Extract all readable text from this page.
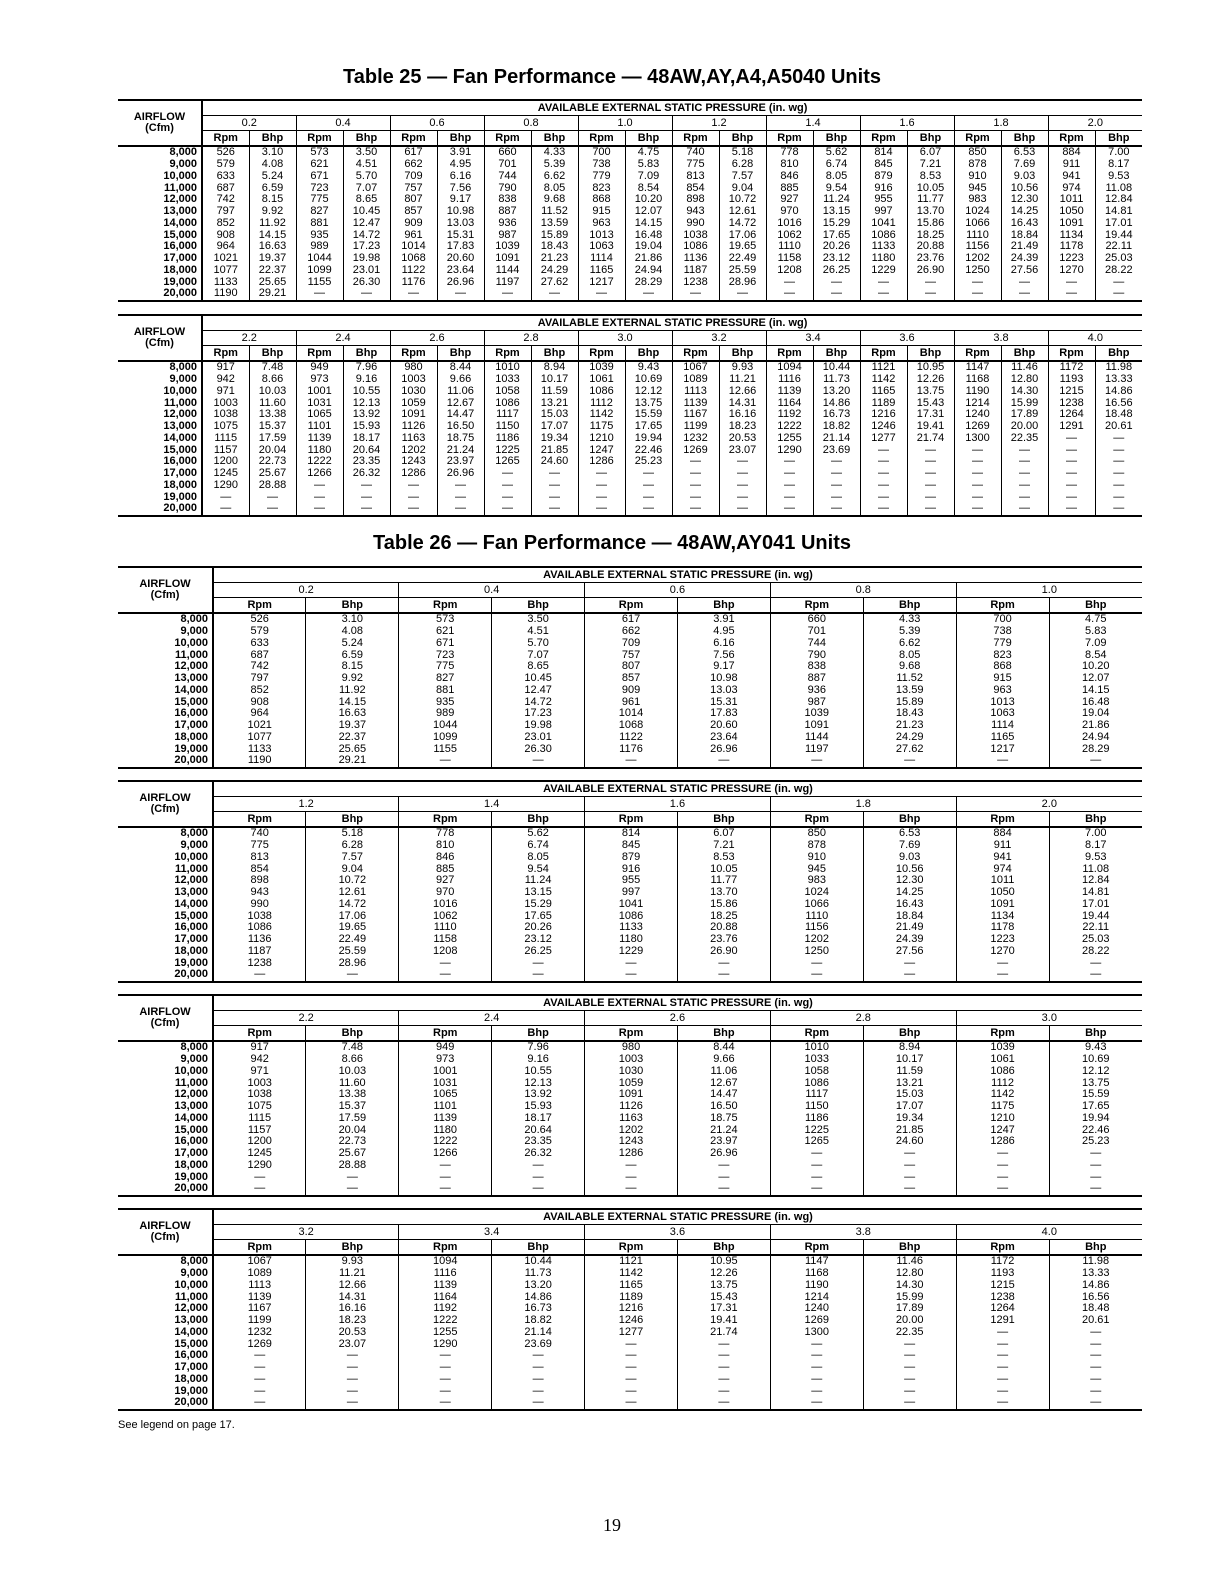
Table 25 — Fan Performance — 48AW,AY,A4,A5040 Units
AIRFLOW
(Cfm)	AVAILABLE EXTERNAL STATIC PRESSURE (in. wg)																			
	0.2		0.4		0.6		0.8		1.0		1.2		1.4		1.6		1.8		2.0	
	Rpm	Bhp	Rpm	Bhp	Rpm	Bhp	Rpm	Bhp	Rpm	Bhp	Rpm	Bhp	Rpm	Bhp	Rpm	Bhp	Rpm	Bhp	Rpm	Bhp
8,000	526	3.10	573	3.50	617	3.91	660	4.33	700	4.75	740	5.18	778	5.62	814	6.07	850	6.53	884	7.00
9,000	579	4.08	621	4.51	662	4.95	701	5.39	738	5.83	775	6.28	810	6.74	845	7.21	878	7.69	911	8.17
10,000	633	5.24	671	5.70	709	6.16	744	6.62	779	7.09	813	7.57	846	8.05	879	8.53	910	9.03	941	9.53
11,000	687	6.59	723	7.07	757	7.56	790	8.05	823	8.54	854	9.04	885	9.54	916	10.05	945	10.56	974	11.08
12,000	742	8.15	775	8.65	807	9.17	838	9.68	868	10.20	898	10.72	927	11.24	955	11.77	983	12.30	1011	12.84
13,000	797	9.92	827	10.45	857	10.98	887	11.52	915	12.07	943	12.61	970	13.15	997	13.70	1024	14.25	1050	14.81
14,000	852	11.92	881	12.47	909	13.03	936	13.59	963	14.15	990	14.72	1016	15.29	1041	15.86	1066	16.43	1091	17.01
15,000	908	14.15	935	14.72	961	15.31	987	15.89	1013	16.48	1038	17.06	1062	17.65	1086	18.25	1110	18.84	1134	19.44
16,000	964	16.63	989	17.23	1014	17.83	1039	18.43	1063	19.04	1086	19.65	1110	20.26	1133	20.88	1156	21.49	1178	22.11
17,000	1021	19.37	1044	19.98	1068	20.60	1091	21.23	1114	21.86	1136	22.49	1158	23.12	1180	23.76	1202	24.39	1223	25.03
18,000	1077	22.37	1099	23.01	1122	23.64	1144	24.29	1165	24.94	1187	25.59	1208	26.25	1229	26.90	1250	27.56	1270	28.22
19,000	1133	25.65	1155	26.30	1176	26.96	1197	27.62	1217	28.29	1238	28.96	—	—	—	—	—	—	—	—
20,000	1190	29.21	—	—	—	—	—	—	—	—	—	—	—	—	—	—	—	—	—	—
AIRFLOW
(Cfm)	AVAILABLE EXTERNAL STATIC PRESSURE (in. wg)																			
	2.2		2.4		2.6		2.8		3.0		3.2		3.4		3.6		3.8		4.0	
	Rpm	Bhp	Rpm	Bhp	Rpm	Bhp	Rpm	Bhp	Rpm	Bhp	Rpm	Bhp	Rpm	Bhp	Rpm	Bhp	Rpm	Bhp	Rpm	Bhp
8,000	917	7.48	949	7.96	980	8.44	1010	8.94	1039	9.43	1067	9.93	1094	10.44	1121	10.95	1147	11.46	1172	11.98
9,000	942	8.66	973	9.16	1003	9.66	1033	10.17	1061	10.69	1089	11.21	1116	11.73	1142	12.26	1168	12.80	1193	13.33
10,000	971	10.03	1001	10.55	1030	11.06	1058	11.59	1086	12.12	1113	12.66	1139	13.20	1165	13.75	1190	14.30	1215	14.86
11,000	1003	11.60	1031	12.13	1059	12.67	1086	13.21	1112	13.75	1139	14.31	1164	14.86	1189	15.43	1214	15.99	1238	16.56
12,000	1038	13.38	1065	13.92	1091	14.47	1117	15.03	1142	15.59	1167	16.16	1192	16.73	1216	17.31	1240	17.89	1264	18.48
13,000	1075	15.37	1101	15.93	1126	16.50	1150	17.07	1175	17.65	1199	18.23	1222	18.82	1246	19.41	1269	20.00	1291	20.61
14,000	1115	17.59	1139	18.17	1163	18.75	1186	19.34	1210	19.94	1232	20.53	1255	21.14	1277	21.74	1300	22.35	—	—
15,000	1157	20.04	1180	20.64	1202	21.24	1225	21.85	1247	22.46	1269	23.07	1290	23.69	—	—	—	—	—	—
16,000	1200	22.73	1222	23.35	1243	23.97	1265	24.60	1286	25.23	—	—	—	—	—	—	—	—	—	—
17,000	1245	25.67	1266	26.32	1286	26.96	—	—	—	—	—	—	—	—	—	—	—	—	—	—
18,000	1290	28.88	—	—	—	—	—	—	—	—	—	—	—	—	—	—	—	—	—	—
19,000	—	—	—	—	—	—	—	—	—	—	—	—	—	—	—	—	—	—	—	—
20,000	—	—	—	—	—	—	—	—	—	—	—	—	—	—	—	—	—	—	—	—
Table 26 — Fan Performance — 48AW,AY041 Units
AIRFLOW
(Cfm)	AVAILABLE EXTERNAL STATIC PRESSURE (in. wg)									
	0.2		0.4		0.6		0.8		1.0	
	Rpm	Bhp	Rpm	Bhp	Rpm	Bhp	Rpm	Bhp	Rpm	Bhp
8,000	526	3.10	573	3.50	617	3.91	660	4.33	700	4.75
9,000	579	4.08	621	4.51	662	4.95	701	5.39	738	5.83
10,000	633	5.24	671	5.70	709	6.16	744	6.62	779	7.09
11,000	687	6.59	723	7.07	757	7.56	790	8.05	823	8.54
12,000	742	8.15	775	8.65	807	9.17	838	9.68	868	10.20
13,000	797	9.92	827	10.45	857	10.98	887	11.52	915	12.07
14,000	852	11.92	881	12.47	909	13.03	936	13.59	963	14.15
15,000	908	14.15	935	14.72	961	15.31	987	15.89	1013	16.48
16,000	964	16.63	989	17.23	1014	17.83	1039	18.43	1063	19.04
17,000	1021	19.37	1044	19.98	1068	20.60	1091	21.23	1114	21.86
18,000	1077	22.37	1099	23.01	1122	23.64	1144	24.29	1165	24.94
19,000	1133	25.65	1155	26.30	1176	26.96	1197	27.62	1217	28.29
20,000	1190	29.21	—	—	—	—	—	—	—	—
AIRFLOW
(Cfm)	AVAILABLE EXTERNAL STATIC PRESSURE (in. wg)									
	1.2		1.4		1.6		1.8		2.0	
	Rpm	Bhp	Rpm	Bhp	Rpm	Bhp	Rpm	Bhp	Rpm	Bhp
8,000	740	5.18	778	5.62	814	6.07	850	6.53	884	7.00
9,000	775	6.28	810	6.74	845	7.21	878	7.69	911	8.17
10,000	813	7.57	846	8.05	879	8.53	910	9.03	941	9.53
11,000	854	9.04	885	9.54	916	10.05	945	10.56	974	11.08
12,000	898	10.72	927	11.24	955	11.77	983	12.30	1011	12.84
13,000	943	12.61	970	13.15	997	13.70	1024	14.25	1050	14.81
14,000	990	14.72	1016	15.29	1041	15.86	1066	16.43	1091	17.01
15,000	1038	17.06	1062	17.65	1086	18.25	1110	18.84	1134	19.44
16,000	1086	19.65	1110	20.26	1133	20.88	1156	21.49	1178	22.11
17,000	1136	22.49	1158	23.12	1180	23.76	1202	24.39	1223	25.03
18,000	1187	25.59	1208	26.25	1229	26.90	1250	27.56	1270	28.22
19,000	1238	28.96	—	—	—	—	—	—	—	—
20,000	—	—	—	—	—	—	—	—	—	—
AIRFLOW
(Cfm)	AVAILABLE EXTERNAL STATIC PRESSURE (in. wg)									
	2.2		2.4		2.6		2.8		3.0	
	Rpm	Bhp	Rpm	Bhp	Rpm	Bhp	Rpm	Bhp	Rpm	Bhp
8,000	917	7.48	949	7.96	980	8.44	1010	8.94	1039	9.43
9,000	942	8.66	973	9.16	1003	9.66	1033	10.17	1061	10.69
10,000	971	10.03	1001	10.55	1030	11.06	1058	11.59	1086	12.12
11,000	1003	11.60	1031	12.13	1059	12.67	1086	13.21	1112	13.75
12,000	1038	13.38	1065	13.92	1091	14.47	1117	15.03	1142	15.59
13,000	1075	15.37	1101	15.93	1126	16.50	1150	17.07	1175	17.65
14,000	1115	17.59	1139	18.17	1163	18.75	1186	19.34	1210	19.94
15,000	1157	20.04	1180	20.64	1202	21.24	1225	21.85	1247	22.46
16,000	1200	22.73	1222	23.35	1243	23.97	1265	24.60	1286	25.23
17,000	1245	25.67	1266	26.32	1286	26.96	—	—	—	—
18,000	1290	28.88	—	—	—	—	—	—	—	—
19,000	—	—	—	—	—	—	—	—	—	—
20,000	—	—	—	—	—	—	—	—	—	—
AIRFLOW
(Cfm)	AVAILABLE EXTERNAL STATIC PRESSURE (in. wg)									
	3.2		3.4		3.6		3.8		4.0	
	Rpm	Bhp	Rpm	Bhp	Rpm	Bhp	Rpm	Bhp	Rpm	Bhp
8,000	1067	9.93	1094	10.44	1121	10.95	1147	11.46	1172	11.98
9,000	1089	11.21	1116	11.73	1142	12.26	1168	12.80	1193	13.33
10,000	1113	12.66	1139	13.20	1165	13.75	1190	14.30	1215	14.86
11,000	1139	14.31	1164	14.86	1189	15.43	1214	15.99	1238	16.56
12,000	1167	16.16	1192	16.73	1216	17.31	1240	17.89	1264	18.48
13,000	1199	18.23	1222	18.82	1246	19.41	1269	20.00	1291	20.61
14,000	1232	20.53	1255	21.14	1277	21.74	1300	22.35	—	—
15,000	1269	23.07	1290	23.69	—	—	—	—	—	—
16,000	—	—	—	—	—	—	—	—	—	—
17,000	—	—	—	—	—	—	—	—	—	—
18,000	—	—	—	—	—	—	—	—	—	—
19,000	—	—	—	—	—	—	—	—	—	—
20,000	—	—	—	—	—	—	—	—	—	—
See legend on page 17.
19
